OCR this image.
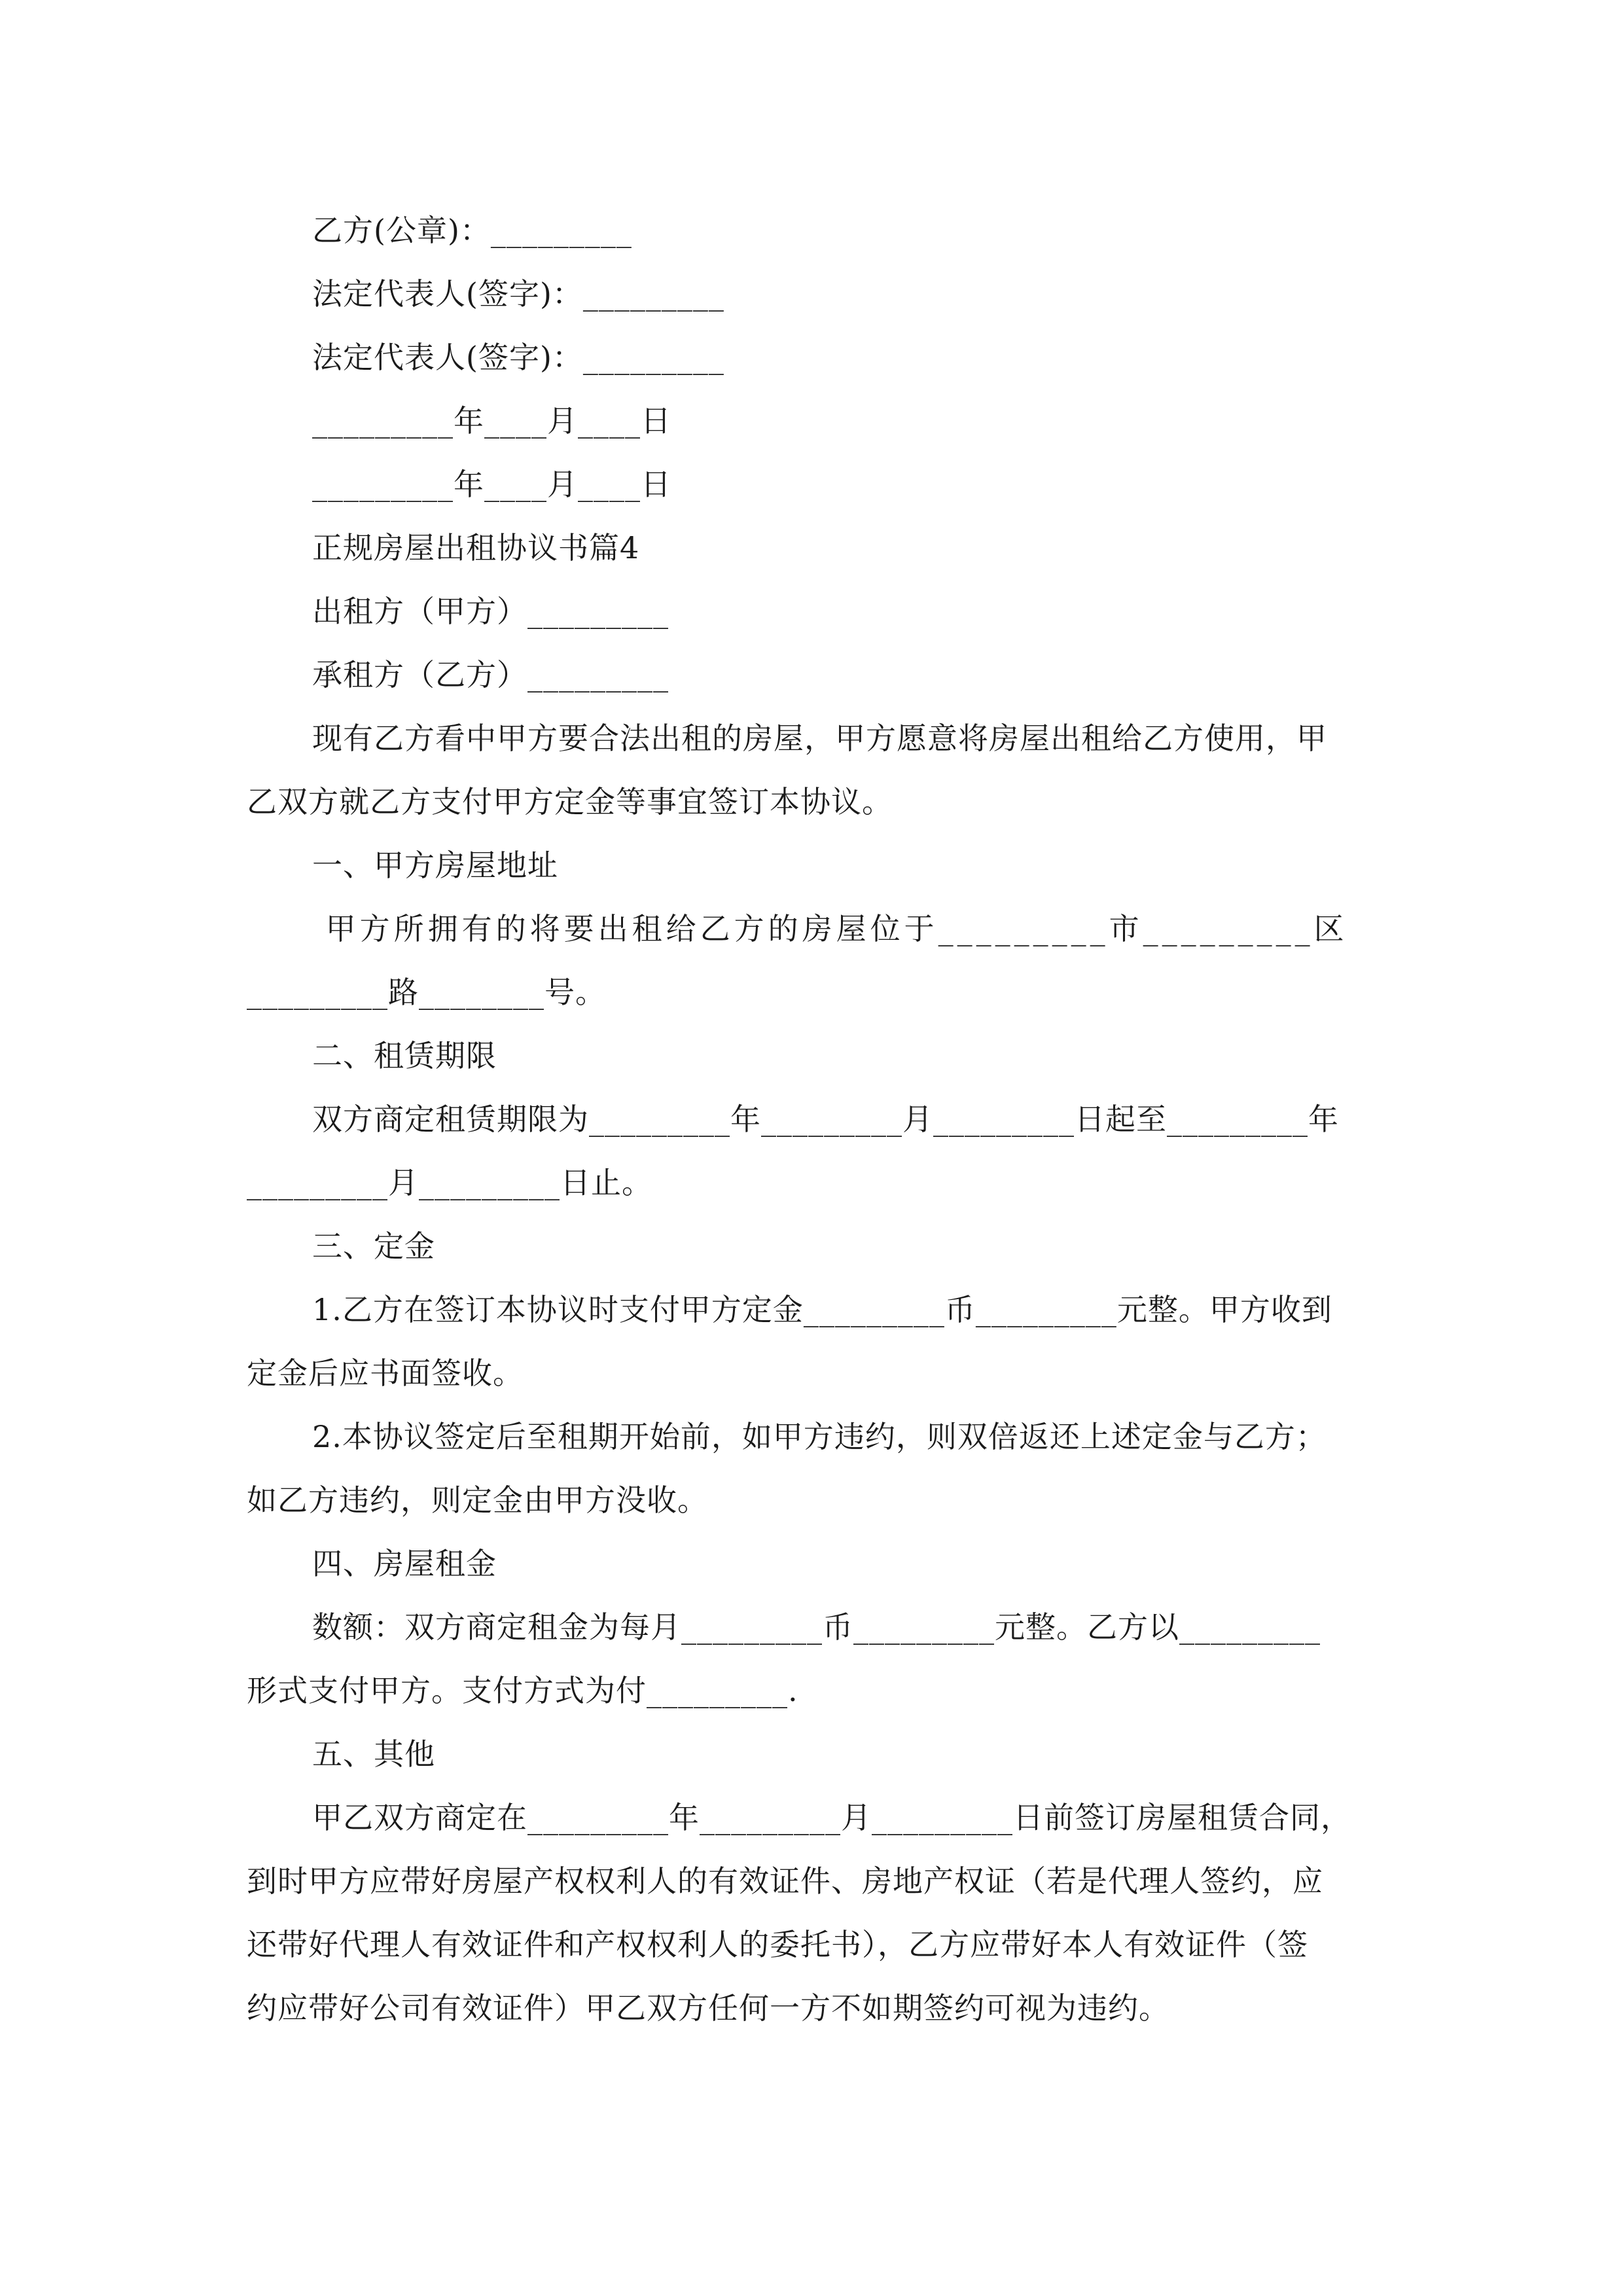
乙方(公章)：_________
法定代表人(签字)：_________
法定代表人(签字)：_________
_________年____月____日
_________年____月____日
正规房屋出租协议书篇4
出租方（甲方）_________
承租方（乙方）_________
现有乙方看中甲方要合法出租的房屋，甲方愿意将房屋出租给乙方使用，甲
乙双方就乙方支付甲方定金等事宜签订本协议。
一、甲方房屋地址
甲方所拥有的将要出租给乙方的房屋位于_________市_________区
_________路________号。
二、租赁期限
双方商定租赁期限为_________年_________月_________日起至_________年
_________月_________日止。
三、定金
1.乙方在签订本协议时支付甲方定金_________币_________元整。甲方收到
定金后应书面签收。
2.本协议签定后至租期开始前，如甲方违约，则双倍返还上述定金与乙方；
如乙方违约，则定金由甲方没收。
四、房屋租金
数额：双方商定租金为每月_________币_________元整。乙方以_________
形式支付甲方。支付方式为付_________.
五、其他
甲乙双方商定在_________年_________月_________日前签订房屋租赁合同，
到时甲方应带好房屋产权权利人的有效证件、房地产权证（若是代理人签约，应
还带好代理人有效证件和产权权利人的委托书），乙方应带好本人有效证件（签
约应带好公司有效证件）甲乙双方任何一方不如期签约可视为违约。
